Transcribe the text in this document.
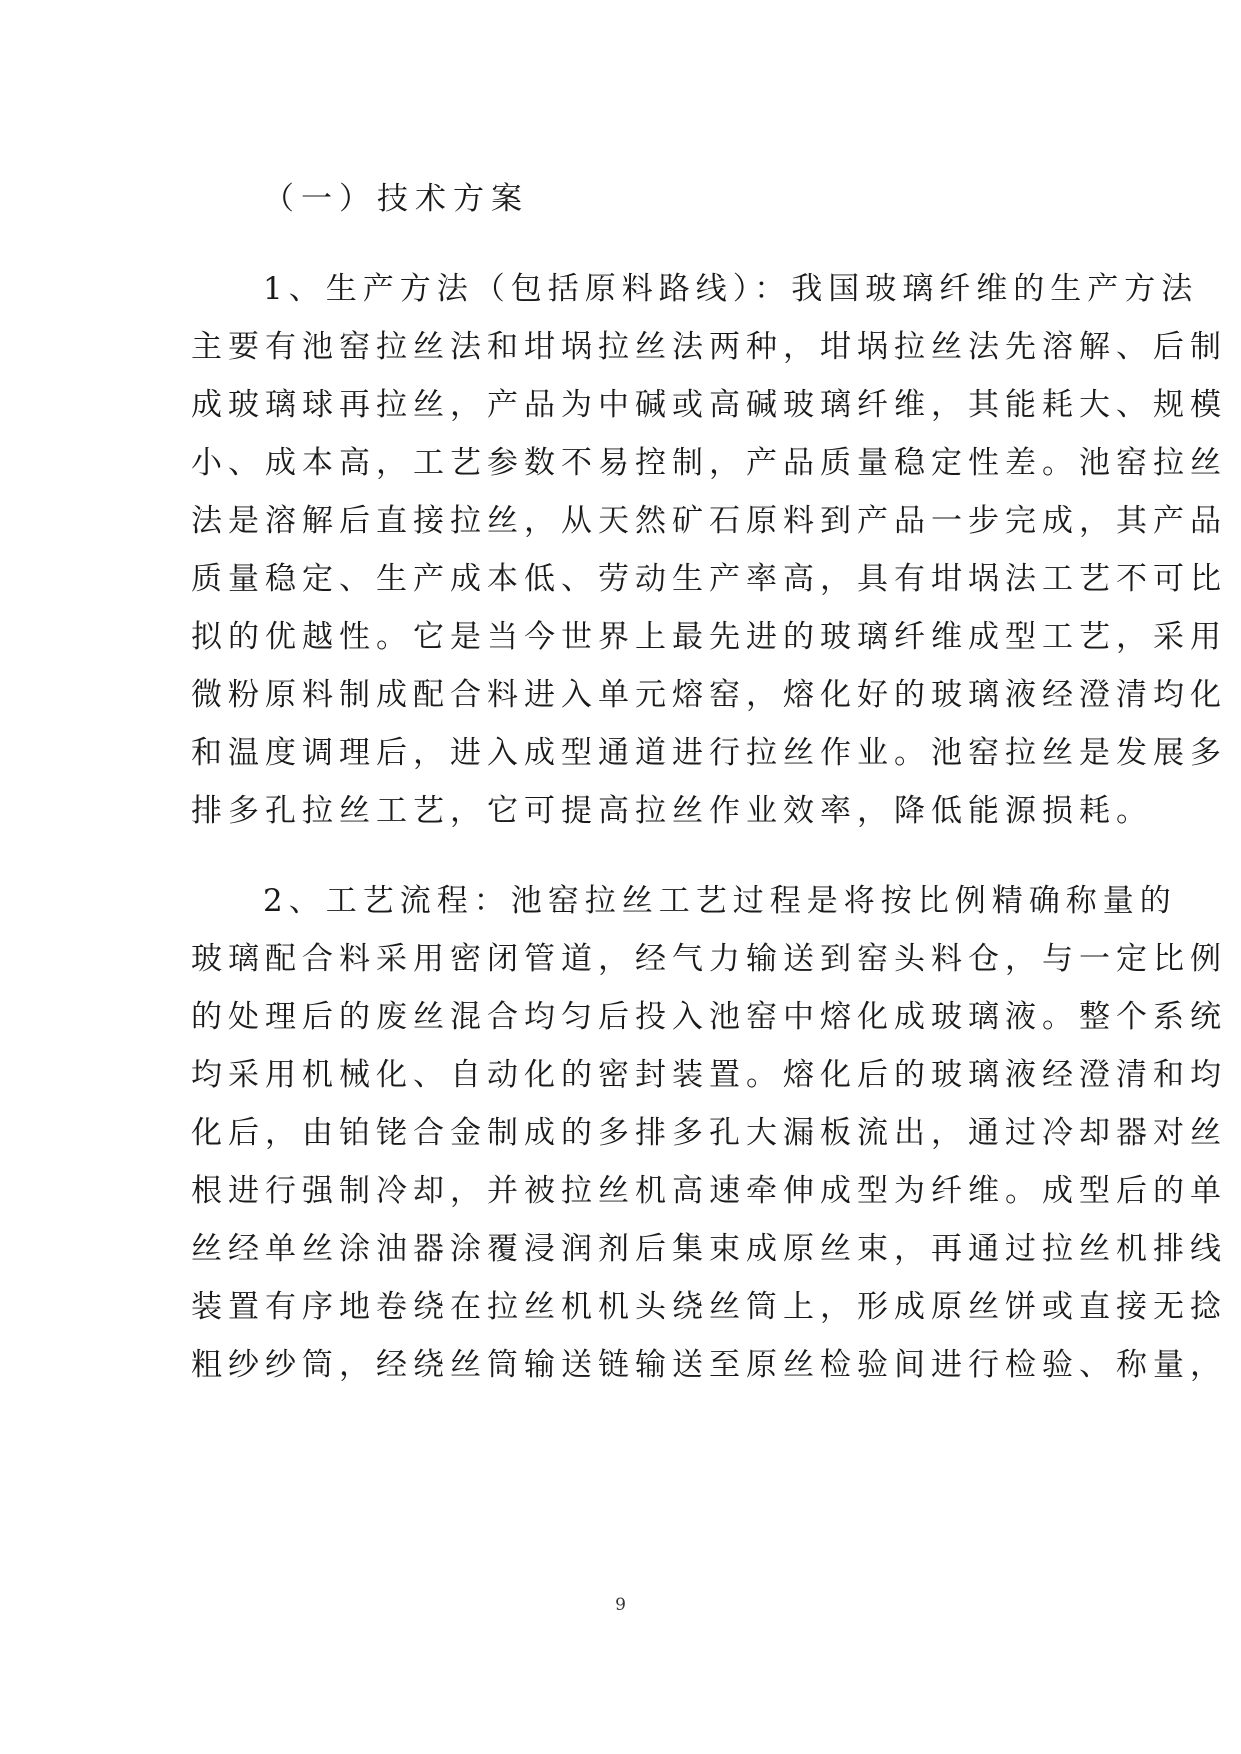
（一）技术方案
1、生产方法（包括原料路线）：我国玻璃纤维的生产方法
主要有池窑拉丝法和坩埚拉丝法两种，坩埚拉丝法先溶解、后制
成玻璃球再拉丝，产品为中碱或高碱玻璃纤维，其能耗大、规模
小、成本高，工艺参数不易控制，产品质量稳定性差。池窑拉丝
法是溶解后直接拉丝，从天然矿石原料到产品一步完成，其产品
质量稳定、生产成本低、劳动生产率高，具有坩埚法工艺不可比
拟的优越性。它是当今世界上最先进的玻璃纤维成型工艺，采用
微粉原料制成配合料进入单元熔窑，熔化好的玻璃液经澄清均化
和温度调理后，进入成型通道进行拉丝作业。池窑拉丝是发展多
排多孔拉丝工艺，它可提高拉丝作业效率，降低能源损耗。
2、工艺流程：池窑拉丝工艺过程是将按比例精确称量的
玻璃配合料采用密闭管道，经气力输送到窑头料仓，与一定比例
的处理后的废丝混合均匀后投入池窑中熔化成玻璃液。整个系统
均采用机械化、自动化的密封装置。熔化后的玻璃液经澄清和均
化后，由铂铑合金制成的多排多孔大漏板流出，通过冷却器对丝
根进行强制冷却，并被拉丝机高速牵伸成型为纤维。成型后的单
丝经单丝涂油器涂覆浸润剂后集束成原丝束，再通过拉丝机排线
装置有序地卷绕在拉丝机机头绕丝筒上，形成原丝饼或直接无捻
粗纱纱筒，经绕丝筒输送链输送至原丝检验间进行检验、称量，
9
